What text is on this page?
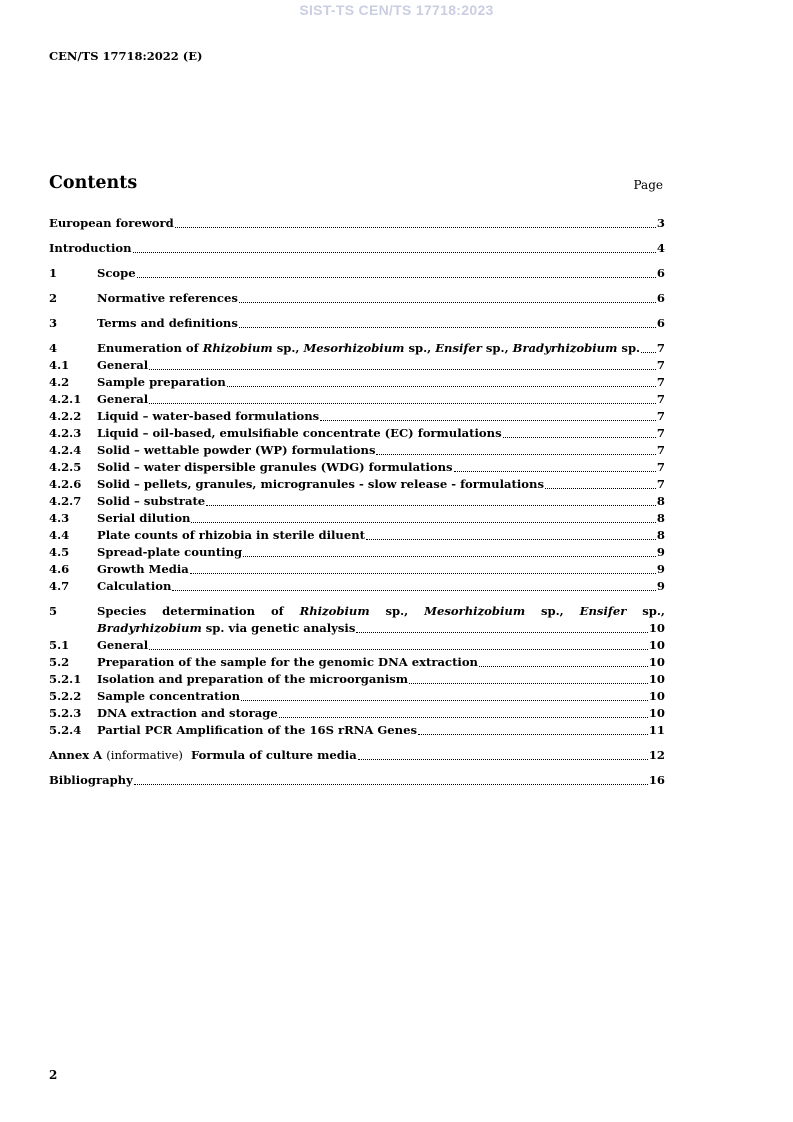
SIST-TS CEN/TS 17718:2023
CEN/TS 17718:2022 (E)
Contents	Page
European foreword	3
Introduction	4
1	Scope	6
2	Normative references	6
3	Terms and definitions	6
4	Enumeration of Rhizobium sp., Mesorhizobium sp., Ensifer sp., Bradyrhizobium sp. 7
4.1	General	7
4.2	Sample preparation	7
4.2.1	General	7
4.2.2	Liquid – water-based formulations	7
4.2.3	Liquid – oil-based, emulsifiable concentrate (EC) formulations	7
4.2.4	Solid – wettable powder (WP) formulations	7
4.2.5	Solid – water dispersible granules (WDG) formulations	7
4.2.6	Solid – pellets, granules, microgranules - slow release - formulations	7
4.2.7	Solid – substrate	8
4.3	Serial dilution	8
4.4	Plate counts of rhizobia in sterile diluent	8
4.5	Spread-plate counting	9
4.6	Growth Media	9
4.7	Calculation	9
5	Species determination of Rhizobium sp., Mesorhizobium sp., Ensifer sp.,
Bradyrhizobium sp. via genetic analysis	10
5.1	General	10
5.2	Preparation of the sample for the genomic DNA extraction	10
5.2.1	Isolation and preparation of the microorganism	10
5.2.2	Sample concentration	10
5.2.3	DNA extraction and storage	10
5.2.4	Partial PCR Amplification of the 16S rRNA Genes	11
Annex A (informative) Formula of culture media	12
Bibliography	16
2
